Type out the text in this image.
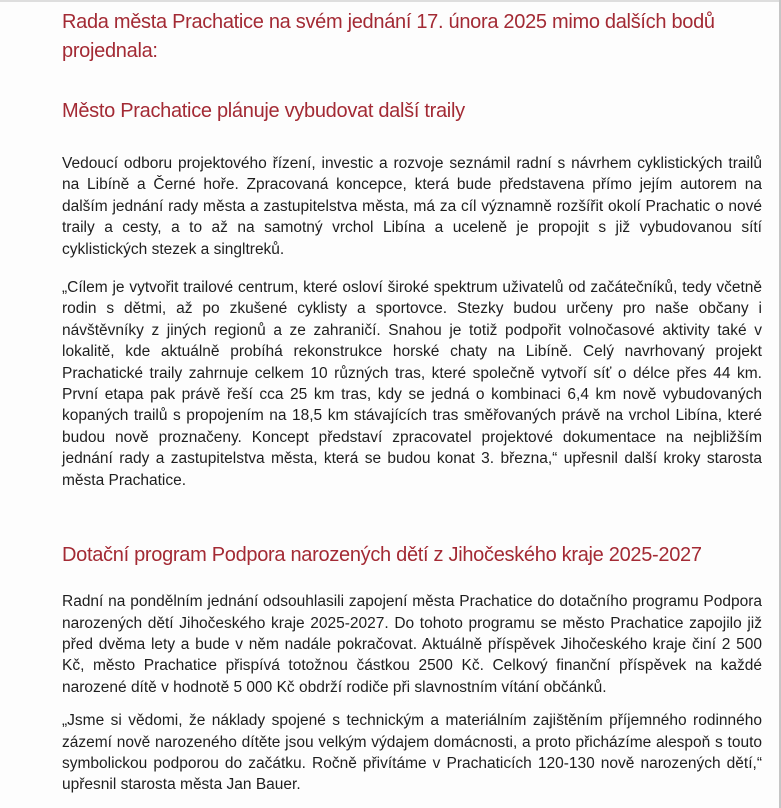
Rada města Prachatice na svém jednání 17. února 2025 mimo dalších bodů projednala:
Město Prachatice plánuje vybudovat další traily

Vedoucí odboru projektového řízení, investic a rozvoje seznámil radní s návrhem cyklistických trailů na Libíně a Černé hoře. Zpracovaná koncepce, která bude představena přímo jejím autorem na dalším jednání rady města a zastupitelstva města, má za cíl významně rozšířit okolí Prachatic o nové traily a cesty, a to až na samotný vrchol Libína a uceleně je propojit s již vybudovanou sítí cyklistických stezek a singltreků.

„Cílem je vytvořit trailové centrum, které osloví široké spektrum uživatelů od začátečníků, tedy včetně rodin s dětmi, až po zkušené cyklisty a sportovce. Stezky budou určeny pro naše občany i návštěvníky z jiných regionů a ze zahraničí. Snahou je totiž podpořit volnočasové aktivity také v lokalitě, kde aktuálně probíhá rekonstrukce horské chaty na Libíně. Celý navrhovaný projekt Prachatické traily zahrnuje celkem 10 různých tras, které společně vytvoří síť o délce přes 44 km. První etapa pak právě řeší cca 25 km tras, kdy se jedná o kombinaci 6,4 km nově vybudovaných kopaných trailů s propojením na 18,5 km stávajících tras směřovaných právě na vrchol Libína, které budou nově proznačeny. Koncept představí zpracovatel projektové dokumentace na nejbližším jednání rady a zastupitelstva města, která se budou konat 3. března,“ upřesnil další kroky starosta města Prachatice.

Dotační program Podpora narozených dětí z Jihočeského kraje 2025-2027

Radní na pondělním jednání odsouhlasili zapojení města Prachatice do dotačního programu Podpora narozených dětí Jihočeského kraje 2025-2027. Do tohoto programu se město Prachatice zapojilo již před dvěma lety a bude v něm nadále pokračovat. Aktuálně příspěvek Jihočeského kraje činí 2 500 Kč, město Prachatice přispívá totožnou částkou 2500 Kč. Celkový finanční příspěvek na každé narozené dítě v hodnotě 5 000 Kč obdrží rodiče při slavnostním vítání občánků.

„Jsme si vědomi, že náklady spojené s technickým a materiálním zajištěním příjemného rodinného zázemí nově narozeného dítěte jsou velkým výdajem domácnosti, a proto přicházíme alespoň s touto symbolickou podporou do začátku. Ročně přivítáme v Prachaticích 120-130 nově narozených dětí,“ upřesnil starosta města Jan Bauer.
